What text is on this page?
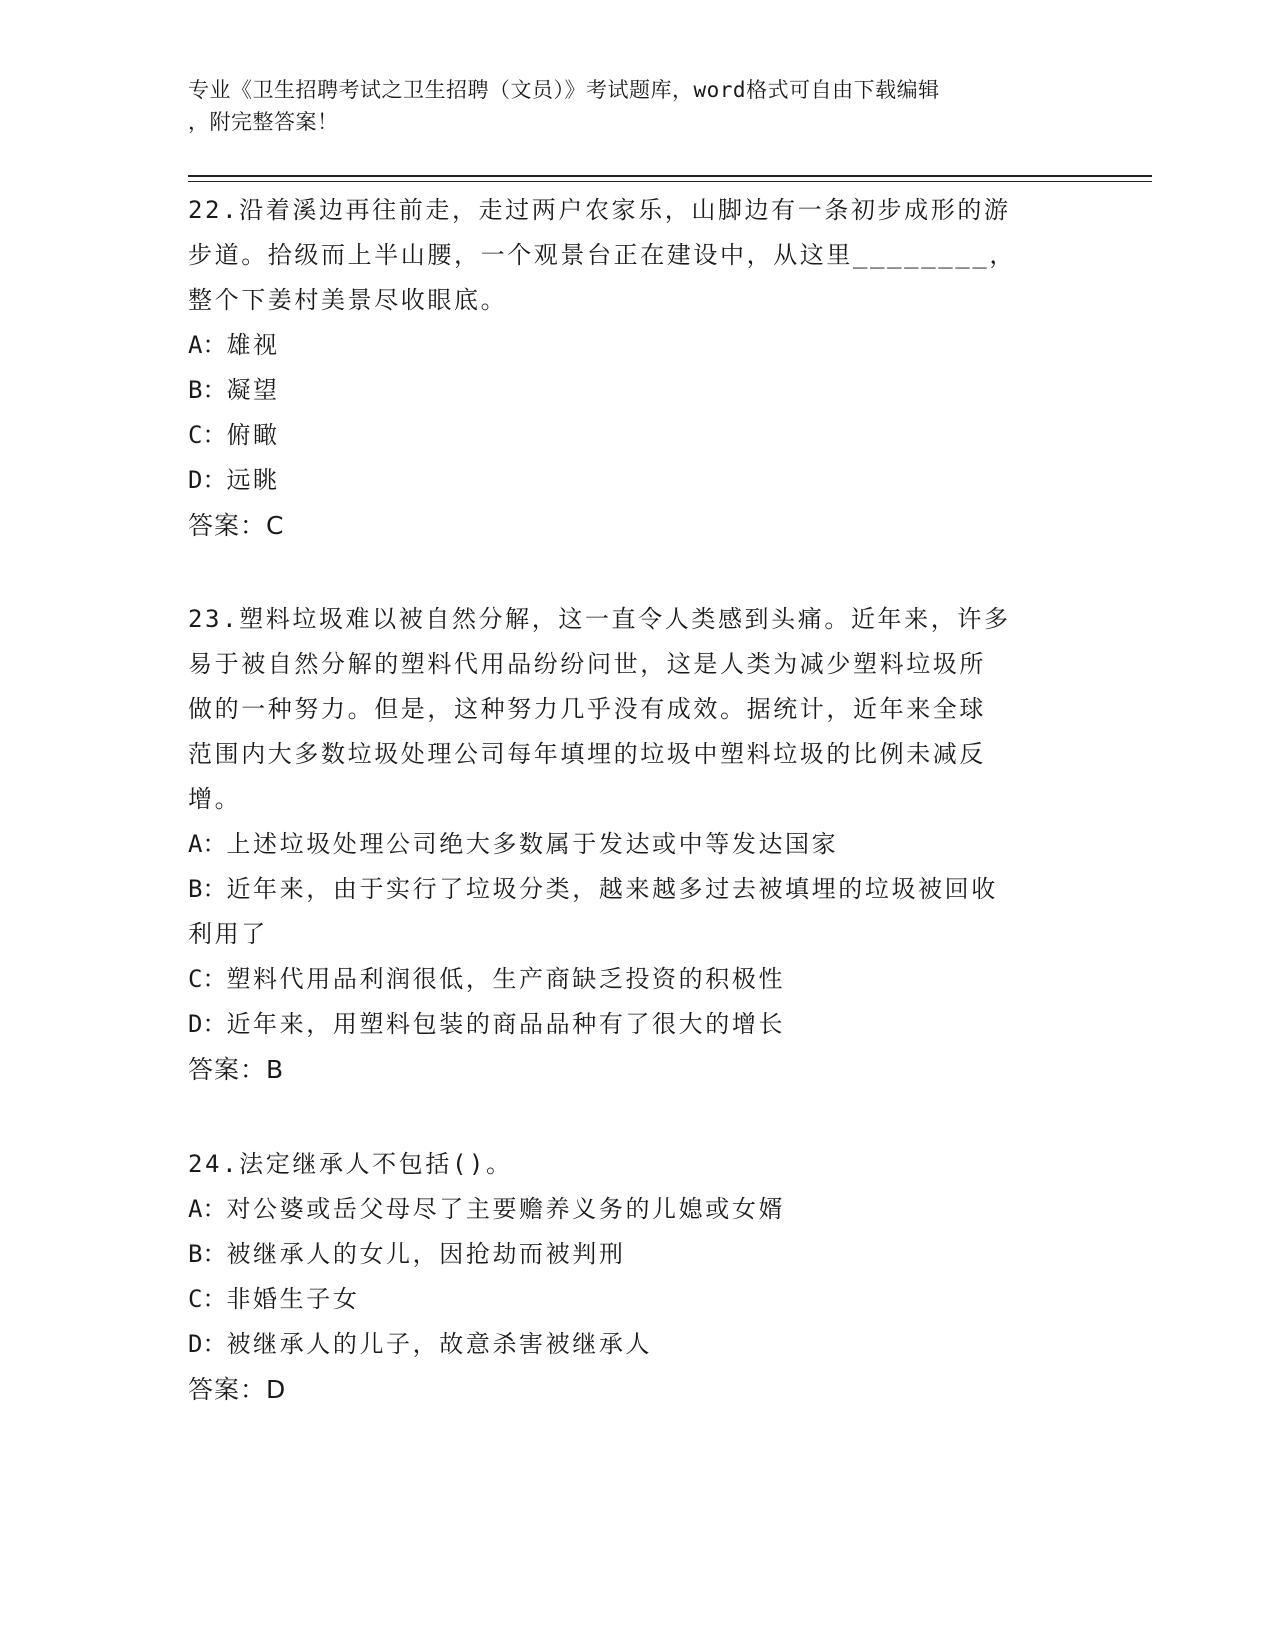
专业《卫生招聘考试之卫生招聘（文员）》考试题库，word格式可自由下载编辑
，附完整答案！

22.沿着溪边再往前走，走过两户农家乐，山脚边有一条初步成形的游

步道。拾级而上半山腰，一个观景台正在建设中，从这里________，

整个下姜村美景尽收眼底。

A：雄视

B：凝望

C：俯瞰

D：远眺

答案：C

23.塑料垃圾难以被自然分解，这一直令人类感到头痛。近年来，许多

易于被自然分解的塑料代用品纷纷问世，这是人类为减少塑料垃圾所

做的一种努力。但是，这种努力几乎没有成效。据统计，近年来全球

范围内大多数垃圾处理公司每年填埋的垃圾中塑料垃圾的比例未减反

增。

A：上述垃圾处理公司绝大多数属于发达或中等发达国家

B：近年来，由于实行了垃圾分类，越来越多过去被填埋的垃圾被回收

利用了

C：塑料代用品利润很低，生产商缺乏投资的积极性

D：近年来，用塑料包装的商品品种有了很大的增长

答案：B

24.法定继承人不包括()。

A：对公婆或岳父母尽了主要赡养义务的儿媳或女婿

B：被继承人的女儿，因抢劫而被判刑

C：非婚生子女

D：被继承人的儿子，故意杀害被继承人

答案：D
